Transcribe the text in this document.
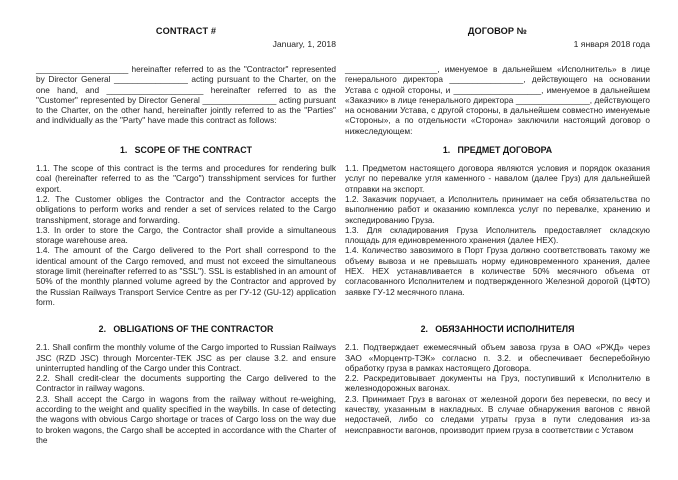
CONTRACT #	ДОГОВОР №
January, 1, 2018	1 января 2018 года

____________________ hereinafter referred to as the "Contractor" represented by Director General ________________ acting pursuant to the Charter, on the one hand, and _____________________ hereinafter referred to as the "Customer" represented by Director General ________________ acting pursuant to the Charter, on the other hand, hereinafter jointly referred to as the "Parties" and individually as the "Party" have made this contract as follows:

____________________, именуемое в дальнейшем «Исполнитель» в лице генерального директора ________________, действующего на основании Устава с одной стороны, и ___________________, именуемое в дальнейшем «Заказчик» в лице генерального директора ________________, действующего на основании Устава, с другой стороны, в дальнейшем совместно именуемые «Стороны», а по отдельности «Сторона» заключили настоящий договор о нижеследующем:

1.   SCOPE OF THE CONTRACT	1.   ПРЕДМЕТ ДОГОВОРА

1.1. The scope of this contract is the terms and procedures for rendering bulk coal (hereinafter referred to as the "Cargo") transshipment services for further export.

1.2. The Customer obliges the Contractor and the Contractor accepts the obligations to perform works and render a set of services related to the Cargo transshipment, storage and forwarding.

1.3. In order to store the Cargo, the Contractor shall provide a simultaneous storage warehouse area.

1.4. The amount of the Cargo delivered to the Port shall correspond to the identical amount of the Cargo removed, and must not exceed the simultaneous storage limit (hereinafter referred to as "SSL"). SSL is established in an amount of 50% of the monthly planned volume agreed by the Contractor and approved by the Russian Railways Transport Service Centre as per ГУ-12 (GU-12) application form.

1.1. Предметом настоящего договора являются условия и порядок оказания услуг по перевалке угля каменного - навалом (далее Груз) для дальнейшей отправки на экспорт.

1.2. Заказчик поручает, а Исполнитель принимает на себя обязательства по выполнению работ и оказанию комплекса услуг по перевалке, хранению и экспедированию Груза.

1.3. Для складирования Груза Исполнитель предоставляет складскую площадь для единовременного хранения (далее НЕХ).

1.4. Количество завозимого в Порт Груза должно соответствовать такому же объему вывоза и не превышать норму единовременного хранения, далее НЕХ. НЕХ устанавливается в количестве 50% месячного объема от согласованного Исполнителем и подтвержденного Железной дорогой (ЦФТО) заявке ГУ-12 месячного плана.

2.   OBLIGATIONS OF THE CONTRACTOR	2.   ОБЯЗАННОСТИ ИСПОЛНИТЕЛЯ

2.1. Shall confirm the monthly volume of the Cargo imported to Russian Railways JSC (RZD JSC) through Morcenter-TEK JSC as per clause 3.2. and ensure uninterrupted handling of the Cargo under this Contract.

2.2. Shall credit-clear the documents supporting the Cargo delivered to the Contractor in railway wagons.

2.3. Shall accept the Cargo in wagons from the railway without re-weighing, according to the weight and quality specified in the waybills. In case of detecting the wagons with obvious Cargo shortage or traces of Cargo loss on the way due to broken wagons, the Cargo shall be accepted in accordance with the Charter of the

2.1. Подтверждает ежемесячный объем завоза груза в ОАО «РЖД» через ЗАО «Морцентр-ТЭК» согласно п. 3.2. и обеспечивает бесперебойную обработку груза в рамках настоящего Договора.

2.2. Раскредитовывает документы на Груз, поступивший к Исполнителю в железнодорожных вагонах.

2.3. Принимает Груз в вагонах от железной дороги без перевески, по весу и качеству, указанным в накладных. В случае обнаружения вагонов с явной недостачей, либо со следами утраты груза в пути следования из-за неисправности вагонов, производит прием груза в соответствии с Уставом
